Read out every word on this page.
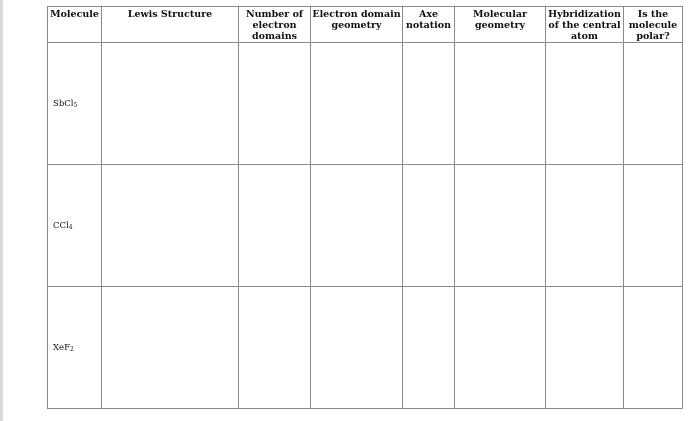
Molecule	Lewis Structure	Number of electron domains	Electron domain geometry	Axe notation	Molecular geometry	Hybridization of the central atom	Is the molecule polar?
SbCl$_5$							
CCl$_4$							
XeF$_2$							
